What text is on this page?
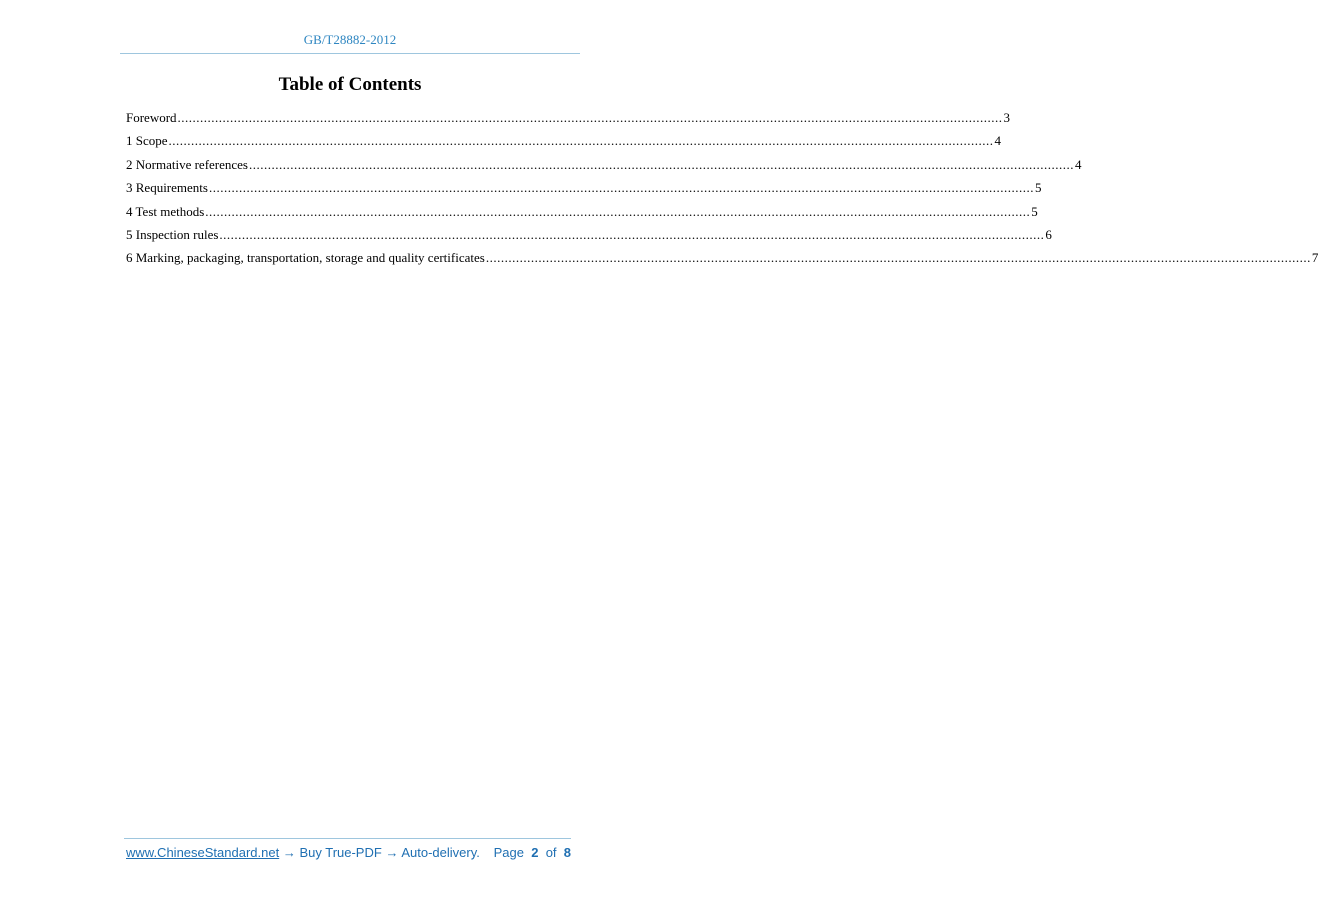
GB/T28882-2012
Table of Contents
Foreword ............................................................................................................................................................................................................................ 3
1 Scope ............................................................................................................................................................................................................................ 4
2 Normative references ............................................................................................................................................................................................................................ 4
3 Requirements ............................................................................................................................................................................................................................ 5
4 Test methods ............................................................................................................................................................................................................................ 5
5 Inspection rules ............................................................................................................................................................................................................................ 6
6 Marking, packaging, transportation, storage and quality certificates ............................................................................................................................................................................................................................ 7
www.ChineseStandard.net → Buy True-PDF → Auto-delivery. Page 2 of 8
